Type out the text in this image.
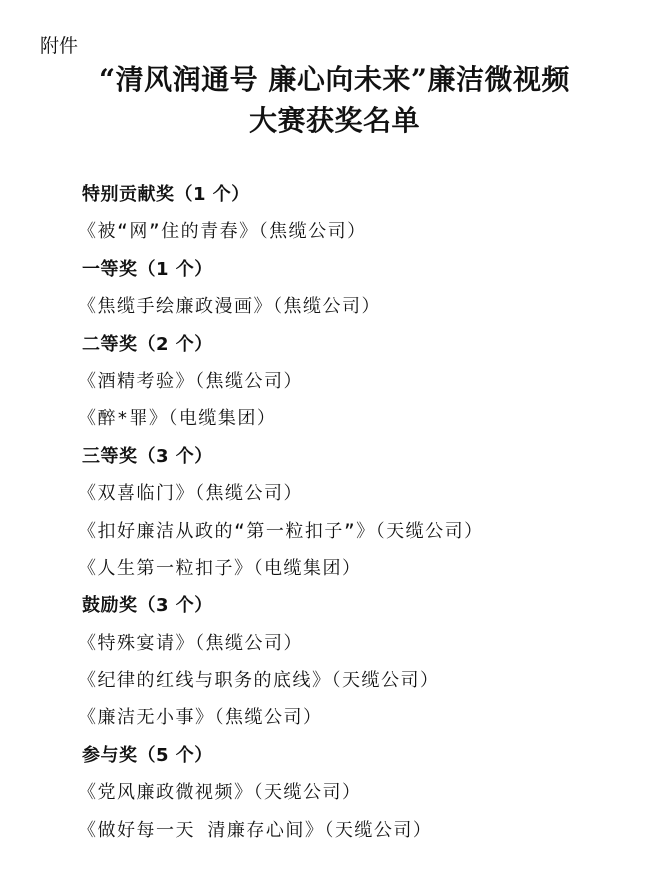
附件
“清风润通号 廉心向未来”廉洁微视频
大赛获奖名单
特别贡献奖（1 个）
《被“网”住的青春》（焦缆公司）
一等奖（1 个）
《焦缆手绘廉政漫画》（焦缆公司）
二等奖（2 个）
《酒精考验》（焦缆公司）
《醉*罪》（电缆集团）
三等奖（3 个）
《双喜临门》（焦缆公司）
《扣好廉洁从政的“第一粒扣子”》（天缆公司）
《人生第一粒扣子》（电缆集团）
鼓励奖（3 个）
《特殊宴请》（焦缆公司）
《纪律的红线与职务的底线》（天缆公司）
《廉洁无小事》（焦缆公司）
参与奖（5 个）
《党风廉政微视频》（天缆公司）
《做好每一天 清廉存心间》（天缆公司）
